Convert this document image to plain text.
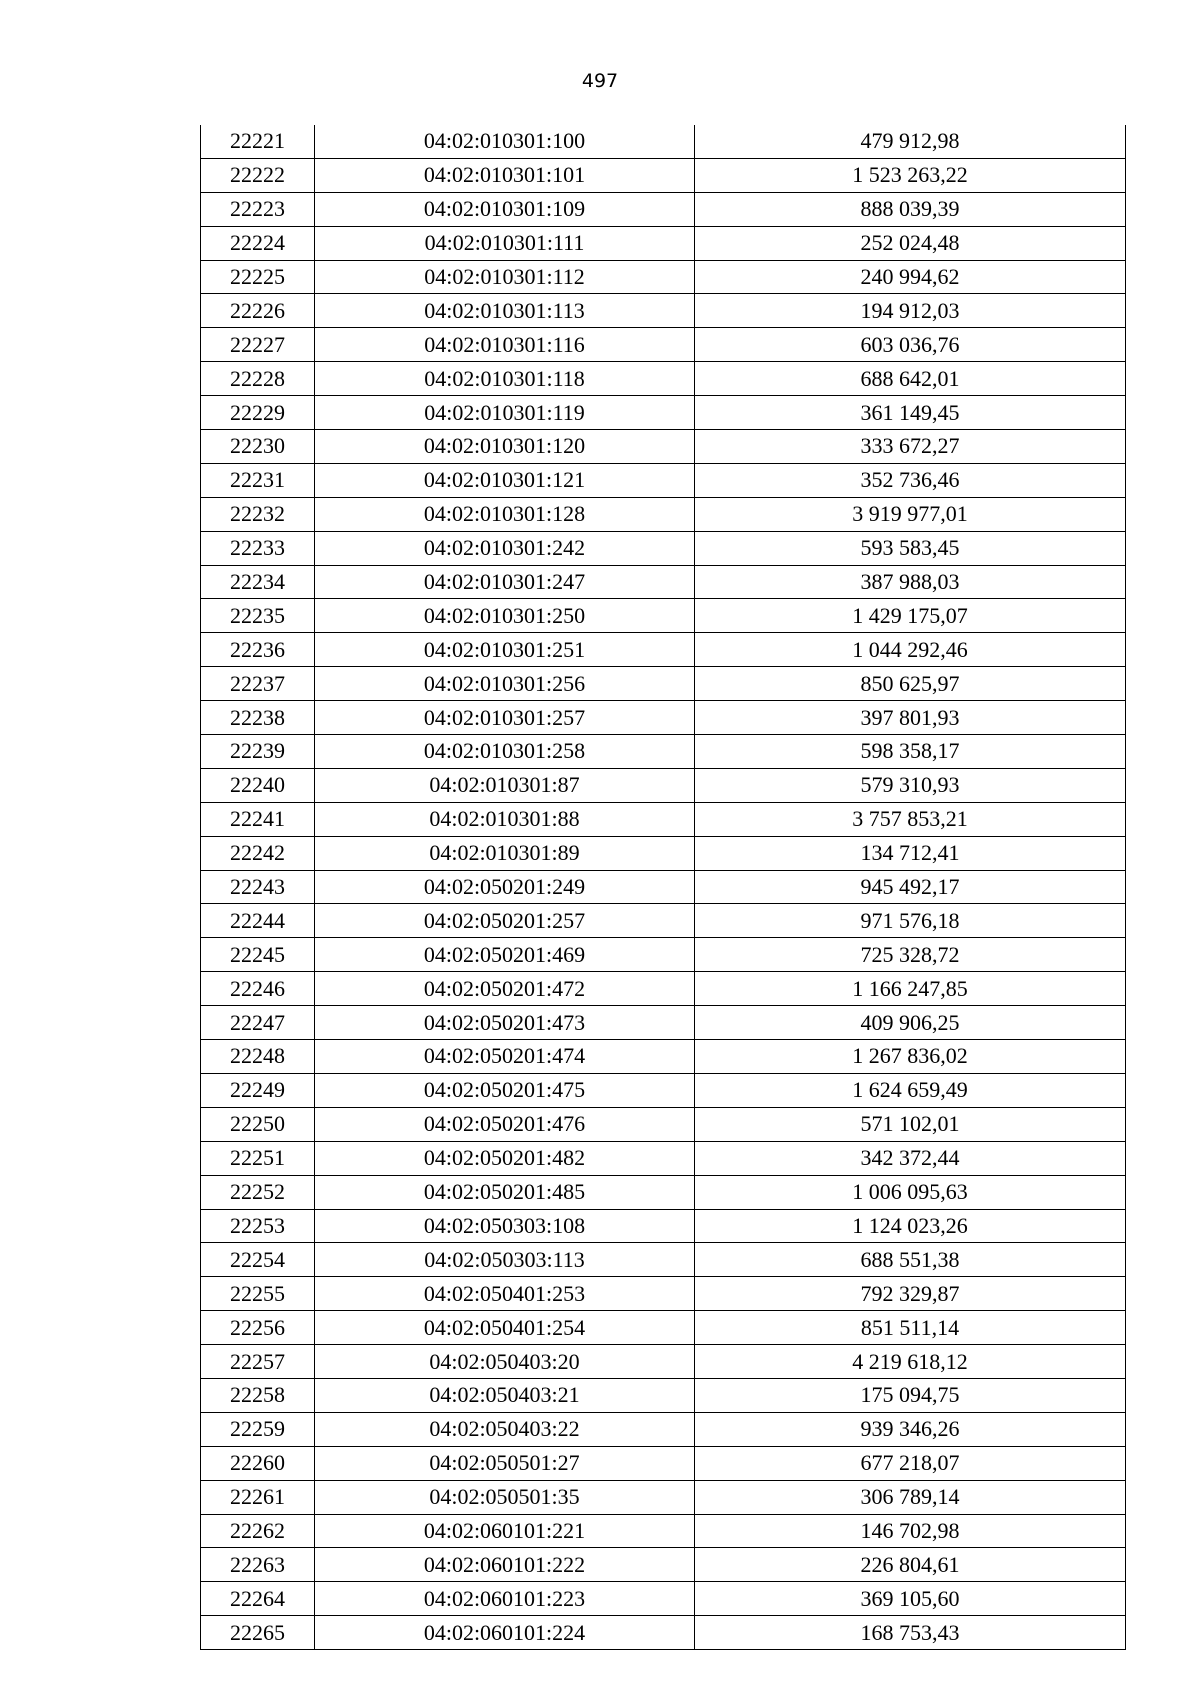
497
22221	04:02:010301:100	479 912,98
22222	04:02:010301:101	1 523 263,22
22223	04:02:010301:109	888 039,39
22224	04:02:010301:111	252 024,48
22225	04:02:010301:112	240 994,62
22226	04:02:010301:113	194 912,03
22227	04:02:010301:116	603 036,76
22228	04:02:010301:118	688 642,01
22229	04:02:010301:119	361 149,45
22230	04:02:010301:120	333 672,27
22231	04:02:010301:121	352 736,46
22232	04:02:010301:128	3 919 977,01
22233	04:02:010301:242	593 583,45
22234	04:02:010301:247	387 988,03
22235	04:02:010301:250	1 429 175,07
22236	04:02:010301:251	1 044 292,46
22237	04:02:010301:256	850 625,97
22238	04:02:010301:257	397 801,93
22239	04:02:010301:258	598 358,17
22240	04:02:010301:87	579 310,93
22241	04:02:010301:88	3 757 853,21
22242	04:02:010301:89	134 712,41
22243	04:02:050201:249	945 492,17
22244	04:02:050201:257	971 576,18
22245	04:02:050201:469	725 328,72
22246	04:02:050201:472	1 166 247,85
22247	04:02:050201:473	409 906,25
22248	04:02:050201:474	1 267 836,02
22249	04:02:050201:475	1 624 659,49
22250	04:02:050201:476	571 102,01
22251	04:02:050201:482	342 372,44
22252	04:02:050201:485	1 006 095,63
22253	04:02:050303:108	1 124 023,26
22254	04:02:050303:113	688 551,38
22255	04:02:050401:253	792 329,87
22256	04:02:050401:254	851 511,14
22257	04:02:050403:20	4 219 618,12
22258	04:02:050403:21	175 094,75
22259	04:02:050403:22	939 346,26
22260	04:02:050501:27	677 218,07
22261	04:02:050501:35	306 789,14
22262	04:02:060101:221	146 702,98
22263	04:02:060101:222	226 804,61
22264	04:02:060101:223	369 105,60
22265	04:02:060101:224	168 753,43
